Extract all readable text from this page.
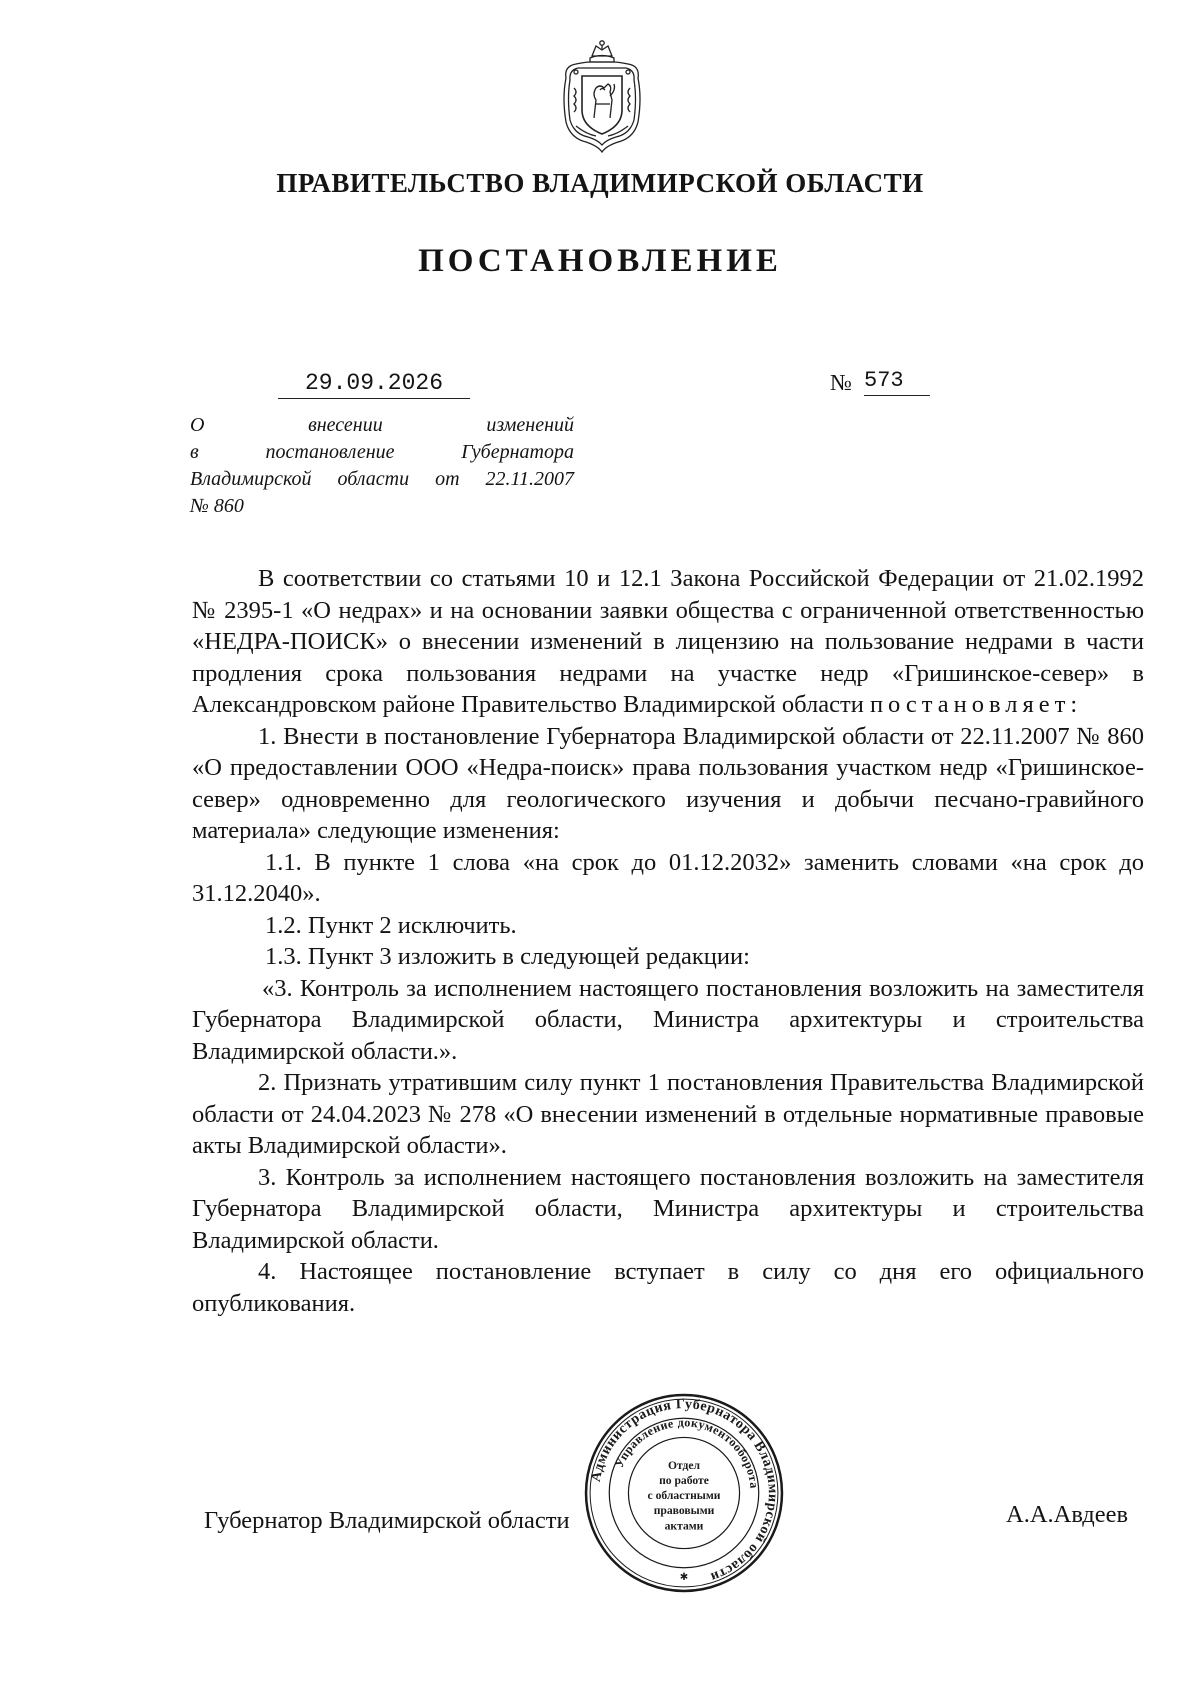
ПРАВИТЕЛЬСТВО ВЛАДИМИРСКОЙ ОБЛАСТИ
ПОСТАНОВЛЕНИЕ
29.09.2026	№ 573
О внесении изменений
в постановление Губернатора
Владимирской области от 22.11.2007
№ 860

В соответствии со статьями 10 и 12.1 Закона Российской Федерации от 21.02.1992 № 2395-1 «О недрах» и на основании заявки общества с ограниченной ответственностью «НЕДРА-ПОИСК» о внесении изменений в лицензию на пользование недрами в части продления срока пользования недрами на участке недр «Гришинское-север» в Александровском районе Правительство Владимирской области постановляет:

1. Внести в постановление Губернатора Владимирской области от 22.11.2007 № 860 «О предоставлении ООО «Недра-поиск» права пользования участком недр «Гришинское-север» одновременно для геологического изучения и добычи песчано-гравийного материала» следующие изменения:

1.1. В пункте 1 слова «на срок до 01.12.2032» заменить словами «на срок до 31.12.2040».

1.2. Пункт 2 исключить.

1.3. Пункт 3 изложить в следующей редакции:

«3. Контроль за исполнением настоящего постановления возложить на заместителя Губернатора Владимирской области, Министра архитектуры и строительства Владимирской области.».

2. Признать утратившим силу пункт 1 постановления Правительства Владимирской области от 24.04.2023 № 278 «О внесении изменений в отдельные нормативные правовые акты Владимирской области».

3. Контроль за исполнением настоящего постановления возложить на заместителя Губернатора Владимирской области, Министра архитектуры и строительства Владимирской области.

4. Настоящее постановление вступает в силу со дня его официального опубликования.

Губернатор Владимирской области	А.А.Авдеев
Администрация Губернатора Владимирской области
Управление документооборота
Отдел
по работе
с областными
правовыми
актами
✱
